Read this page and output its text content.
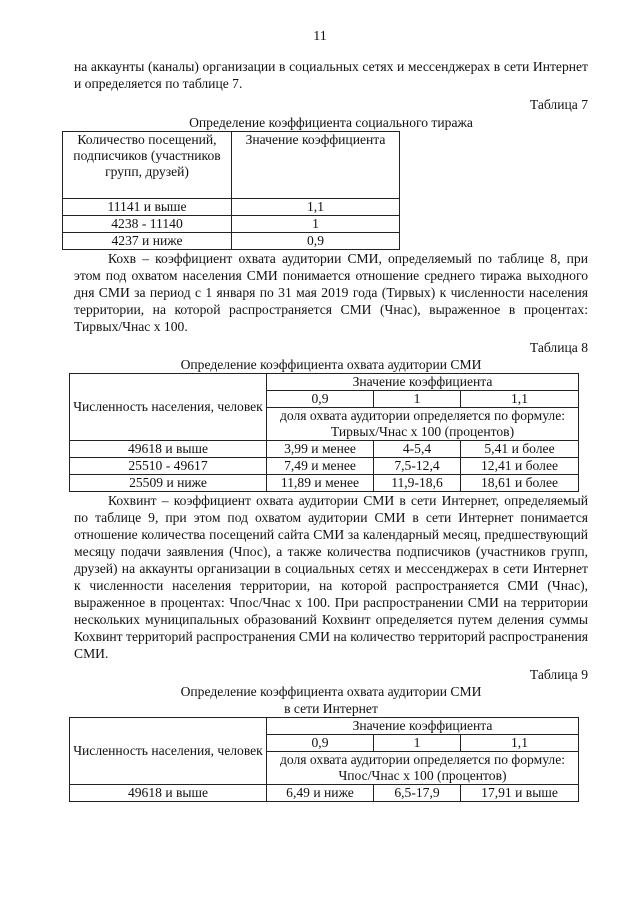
11

на аккаунты (каналы) организации в социальных сетях и мессенджерах в сети Интернет и определяется по таблице 7.

Таблица 7

Определение коэффициента социального тиража

Количество посещений, подписчиков (участников групп, друзей)	Значение коэффициента
11141 и выше	1,1
4238 - 11140	1
4237 и ниже	0,9

Кохв – коэффициент охвата аудитории СМИ, определяемый по таблице 8, при этом под охватом населения СМИ понимается отношение среднего тиража выходного дня СМИ за период с 1 января по 31 мая 2019 года (Тирвых) к численности населения территории, на которой распространяется СМИ (Чнас), выраженное в процентах: Тирвых/Чнас х 100.

Таблица 8

Определение коэффициента охвата аудитории СМИ

Численность населения, человек	Значение коэффициента		
	0,9	1	1,1
	доля охвата аудитории определяется по формуле: Тирвых/Чнас х 100 (процентов)		
49618 и выше	3,99 и менее	4-5,4	5,41 и более
25510 - 49617	7,49 и менее	7,5-12,4	12,41 и более
25509 и ниже	11,89 и менее	11,9-18,6	18,61 и более

Кохвинт – коэффициент охвата аудитории СМИ в сети Интернет, определяемый по таблице 9, при этом под охватом аудитории СМИ в сети Интернет понимается отношение количества посещений сайта СМИ за календарный месяц, предшествующий месяцу подачи заявления (Чпос), а также количества подписчиков (участников групп, друзей) на аккаунты организации в социальных сетях и мессенджерах в сети Интернет к численности населения территории, на которой распространяется СМИ (Чнас), выраженное в процентах: Чпос/Чнас х 100. При распространении СМИ на территории нескольких муниципальных образований Кохвинт определяется путем деления суммы Кохвинт территорий распространения СМИ на количество территорий распространения СМИ.

Таблица 9

Определение коэффициента охвата аудитории СМИ

в сети Интернет

Численность населения, человек	Значение коэффициента		
	0,9	1	1,1
	доля охвата аудитории определяется по формуле: Чпос/Чнас х 100 (процентов)		
49618 и выше	6,49 и ниже	6,5-17,9	17,91 и выше
